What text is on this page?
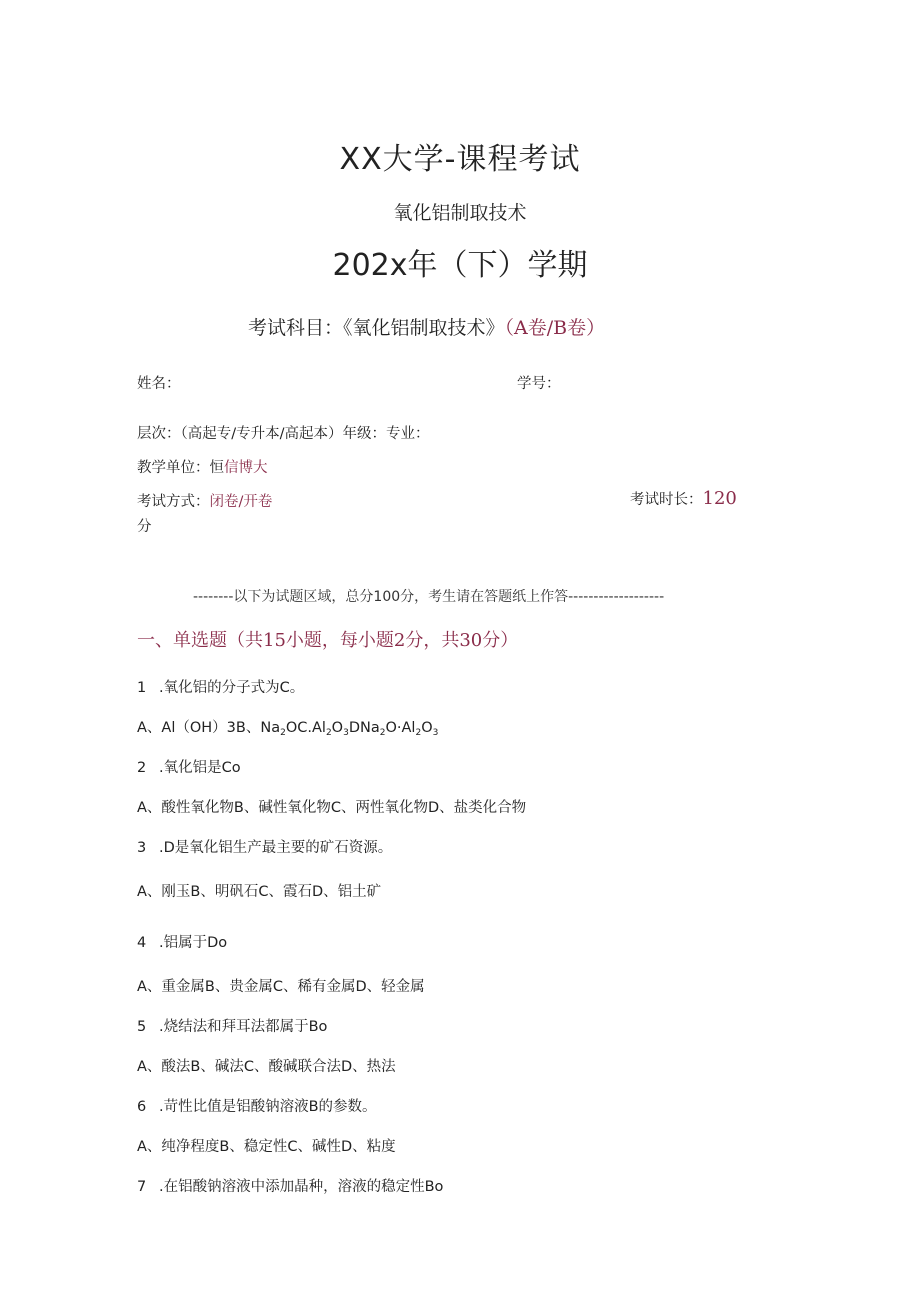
XX大学-课程考试
氧化铝制取技术
202x年（下）学期
考试科目：《氧化铝制取技术》（A卷/B卷）
姓名：	学号：
层次：（高起专/专升本/高起本）年级：专业：
教学单位：恒信博大
考试方式：闭卷/开卷	考试时长：120
分
--------以下为试题区域，总分100分，考生请在答题纸上作答-------------------
一、单选题（共15小题，每小题2分，共30分）
1 .氧化铝的分子式为C。
A、Al（OH）3B、$Na_2OC.Al_2O_3DNa_2O\cdot Al_2O_3$
2 .氧化铝是Co
A、酸性氧化物B、碱性氧化物C、两性氧化物D、盐类化合物
3 .D是氧化铝生产最主要的矿石资源。
A、刚玉B、明矾石C、霞石D、铝土矿
4 .铝属于Do
A、重金属B、贵金属C、稀有金属D、轻金属
5 .烧结法和拜耳法都属于Bo
A、酸法B、碱法C、酸碱联合法D、热法
6 .苛性比值是铝酸钠溶液B的参数。
A、纯净程度B、稳定性C、碱性D、粘度
7 .在铝酸钠溶液中添加晶种，溶液的稳定性Bo
